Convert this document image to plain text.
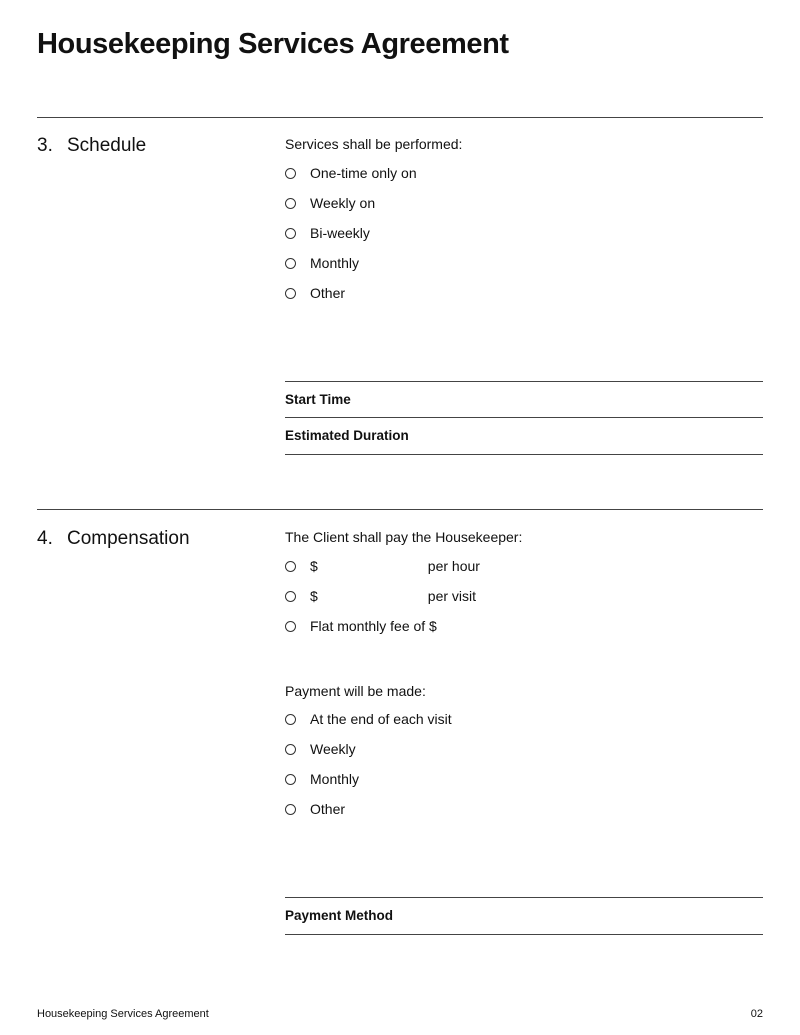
Housekeeping Services Agreement
3. Schedule	Services shall be performed:
One-time only on
Weekly on
Bi-weekly
Monthly
Other
Start Time
Estimated Duration
4. Compensation	The Client shall pay the Housekeeper:
$	per hour
$	per visit
Flat monthly fee of $
Payment will be made:
At the end of each visit
Weekly
Monthly
Other
Payment Method
Housekeeping Services Agreement	02
